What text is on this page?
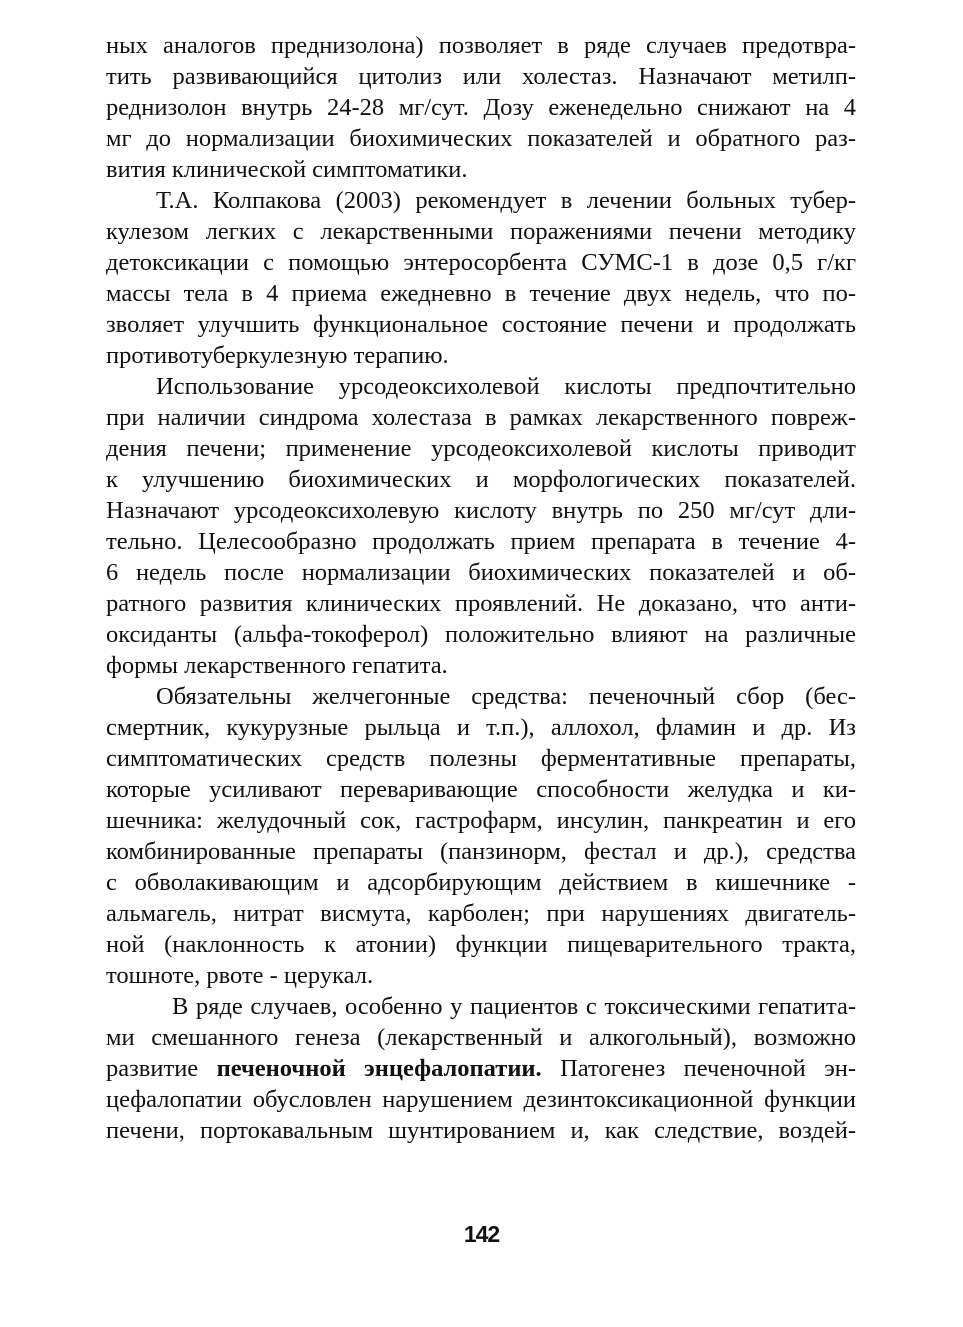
ных аналогов преднизолона) позволяет в ряде случаев предотвра-
тить развивающийся цитолиз или холестаз. Назначают метилп-
реднизолон внутрь 24-28 мг/сут. Дозу еженедельно снижают на 4
мг до нормализации биохимических показателей и обратного раз-
вития клинической симптоматики.
Т.А. Колпакова (2003) рекомендует в лечении больных тубер-
кулезом легких с лекарственными поражениями печени методику
детоксикации с помощью энтеросорбента СУМС-1 в дозе 0,5 г/кг
массы тела в 4 приема ежедневно в течение двух недель, что по-
зволяет улучшить функциональное состояние печени и продолжать
противотуберкулезную терапию.
Использование урсодеоксихолевой кислоты предпочтительно
при наличии синдрома холестаза в рамках лекарственного повреж-
дения печени; применение урсодеоксихолевой кислоты приводит
к улучшению биохимических и морфологических показателей.
Назначают урсодеоксихолевую кислоту внутрь по 250 мг/сут дли-
тельно. Целесообразно продолжать прием препарата в течение 4-
6 недель после нормализации биохимических показателей и об-
ратного развития клинических проявлений. Не доказано, что анти-
оксиданты (альфа-токоферол) положительно влияют на различные
формы лекарственного гепатита.
Обязательны желчегонные средства: печеночный сбор (бес-
смертник, кукурузные рыльца и т.п.), аллохол, фламин и др. Из
симптоматических средств полезны ферментативные препараты,
которые усиливают переваривающие способности желудка и ки-
шечника: желудочный сок, гастрофарм, инсулин, панкреатин и его
комбинированные препараты (панзинорм, фестал и др.), средства
с обволакивающим и адсорбирующим действием в кишечнике -
альмагель, нитрат висмута, карболен; при нарушениях двигатель-
ной (наклонность к атонии) функции пищеварительного тракта,
тошноте, рвоте - церукал.
В ряде случаев, особенно у пациентов с токсическими гепатита-
ми смешанного генеза (лекарственный и алкогольный), возможно
развитие печеночной энцефалопатии. Патогенез печеночной эн-
цефалопатии обусловлен нарушением дезинтоксикационной функции
печени, портокавальным шунтированием и, как следствие, воздей-
142
